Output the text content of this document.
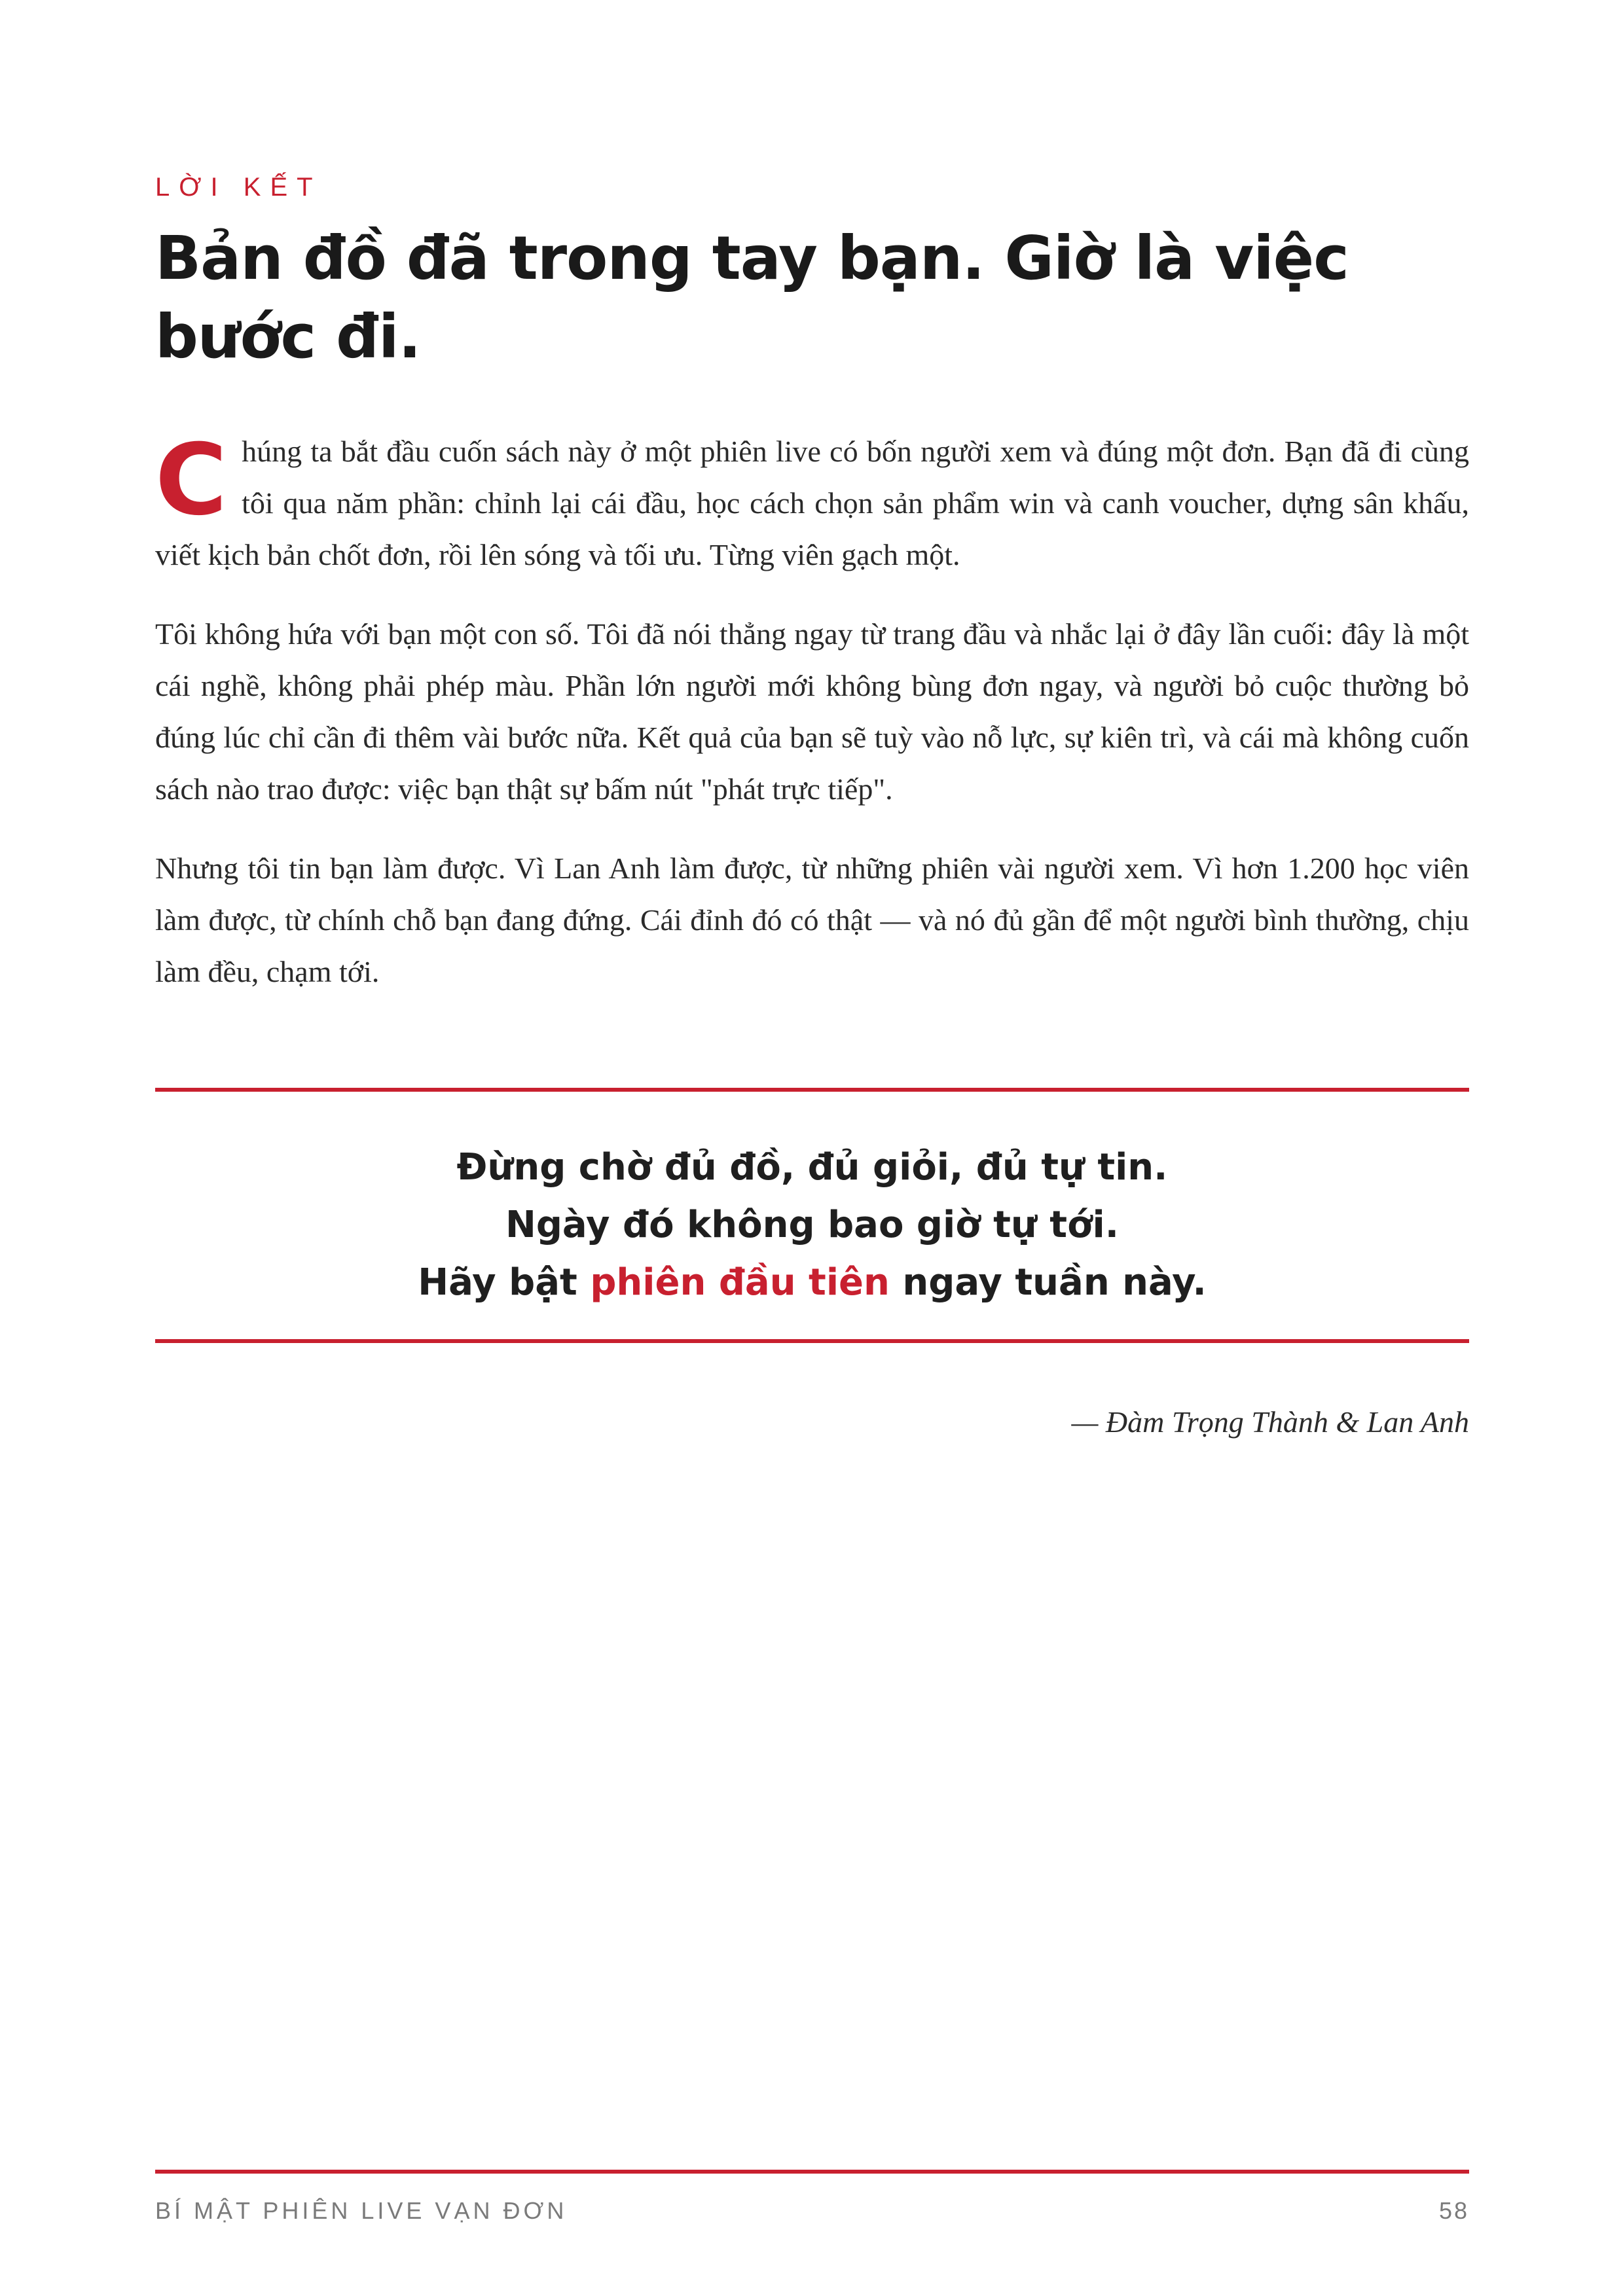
LỜI KẾT
Bản đồ đã trong tay bạn. Giờ là việc bước đi.

Chúng ta bắt đầu cuốn sách này ở một phiên live có bốn người xem và đúng một đơn. Bạn đã đi cùng tôi qua năm phần: chỉnh lại cái đầu, học cách chọn sản phẩm win và canh voucher, dựng sân khấu, viết kịch bản chốt đơn, rồi lên sóng và tối ưu. Từng viên gạch một.

Tôi không hứa với bạn một con số. Tôi đã nói thẳng ngay từ trang đầu và nhắc lại ở đây lần cuối: đây là một cái nghề, không phải phép màu. Phần lớn người mới không bùng đơn ngay, và người bỏ cuộc thường bỏ đúng lúc chỉ cần đi thêm vài bước nữa. Kết quả của bạn sẽ tuỳ vào nỗ lực, sự kiên trì, và cái mà không cuốn sách nào trao được: việc bạn thật sự bấm nút "phát trực tiếp".

Nhưng tôi tin bạn làm được. Vì Lan Anh làm được, từ những phiên vài người xem. Vì hơn 1.200 học viên làm được, từ chính chỗ bạn đang đứng. Cái đỉnh đó có thật — và nó đủ gần để một người bình thường, chịu làm đều, chạm tới.

Đừng chờ đủ đồ, đủ giỏi, đủ tự tin.
Ngày đó không bao giờ tự tới.
Hãy bật phiên đầu tiên ngay tuần này.
— Đàm Trọng Thành & Lan Anh
BÍ MẬT PHIÊN LIVE VẠN ĐƠN	58
